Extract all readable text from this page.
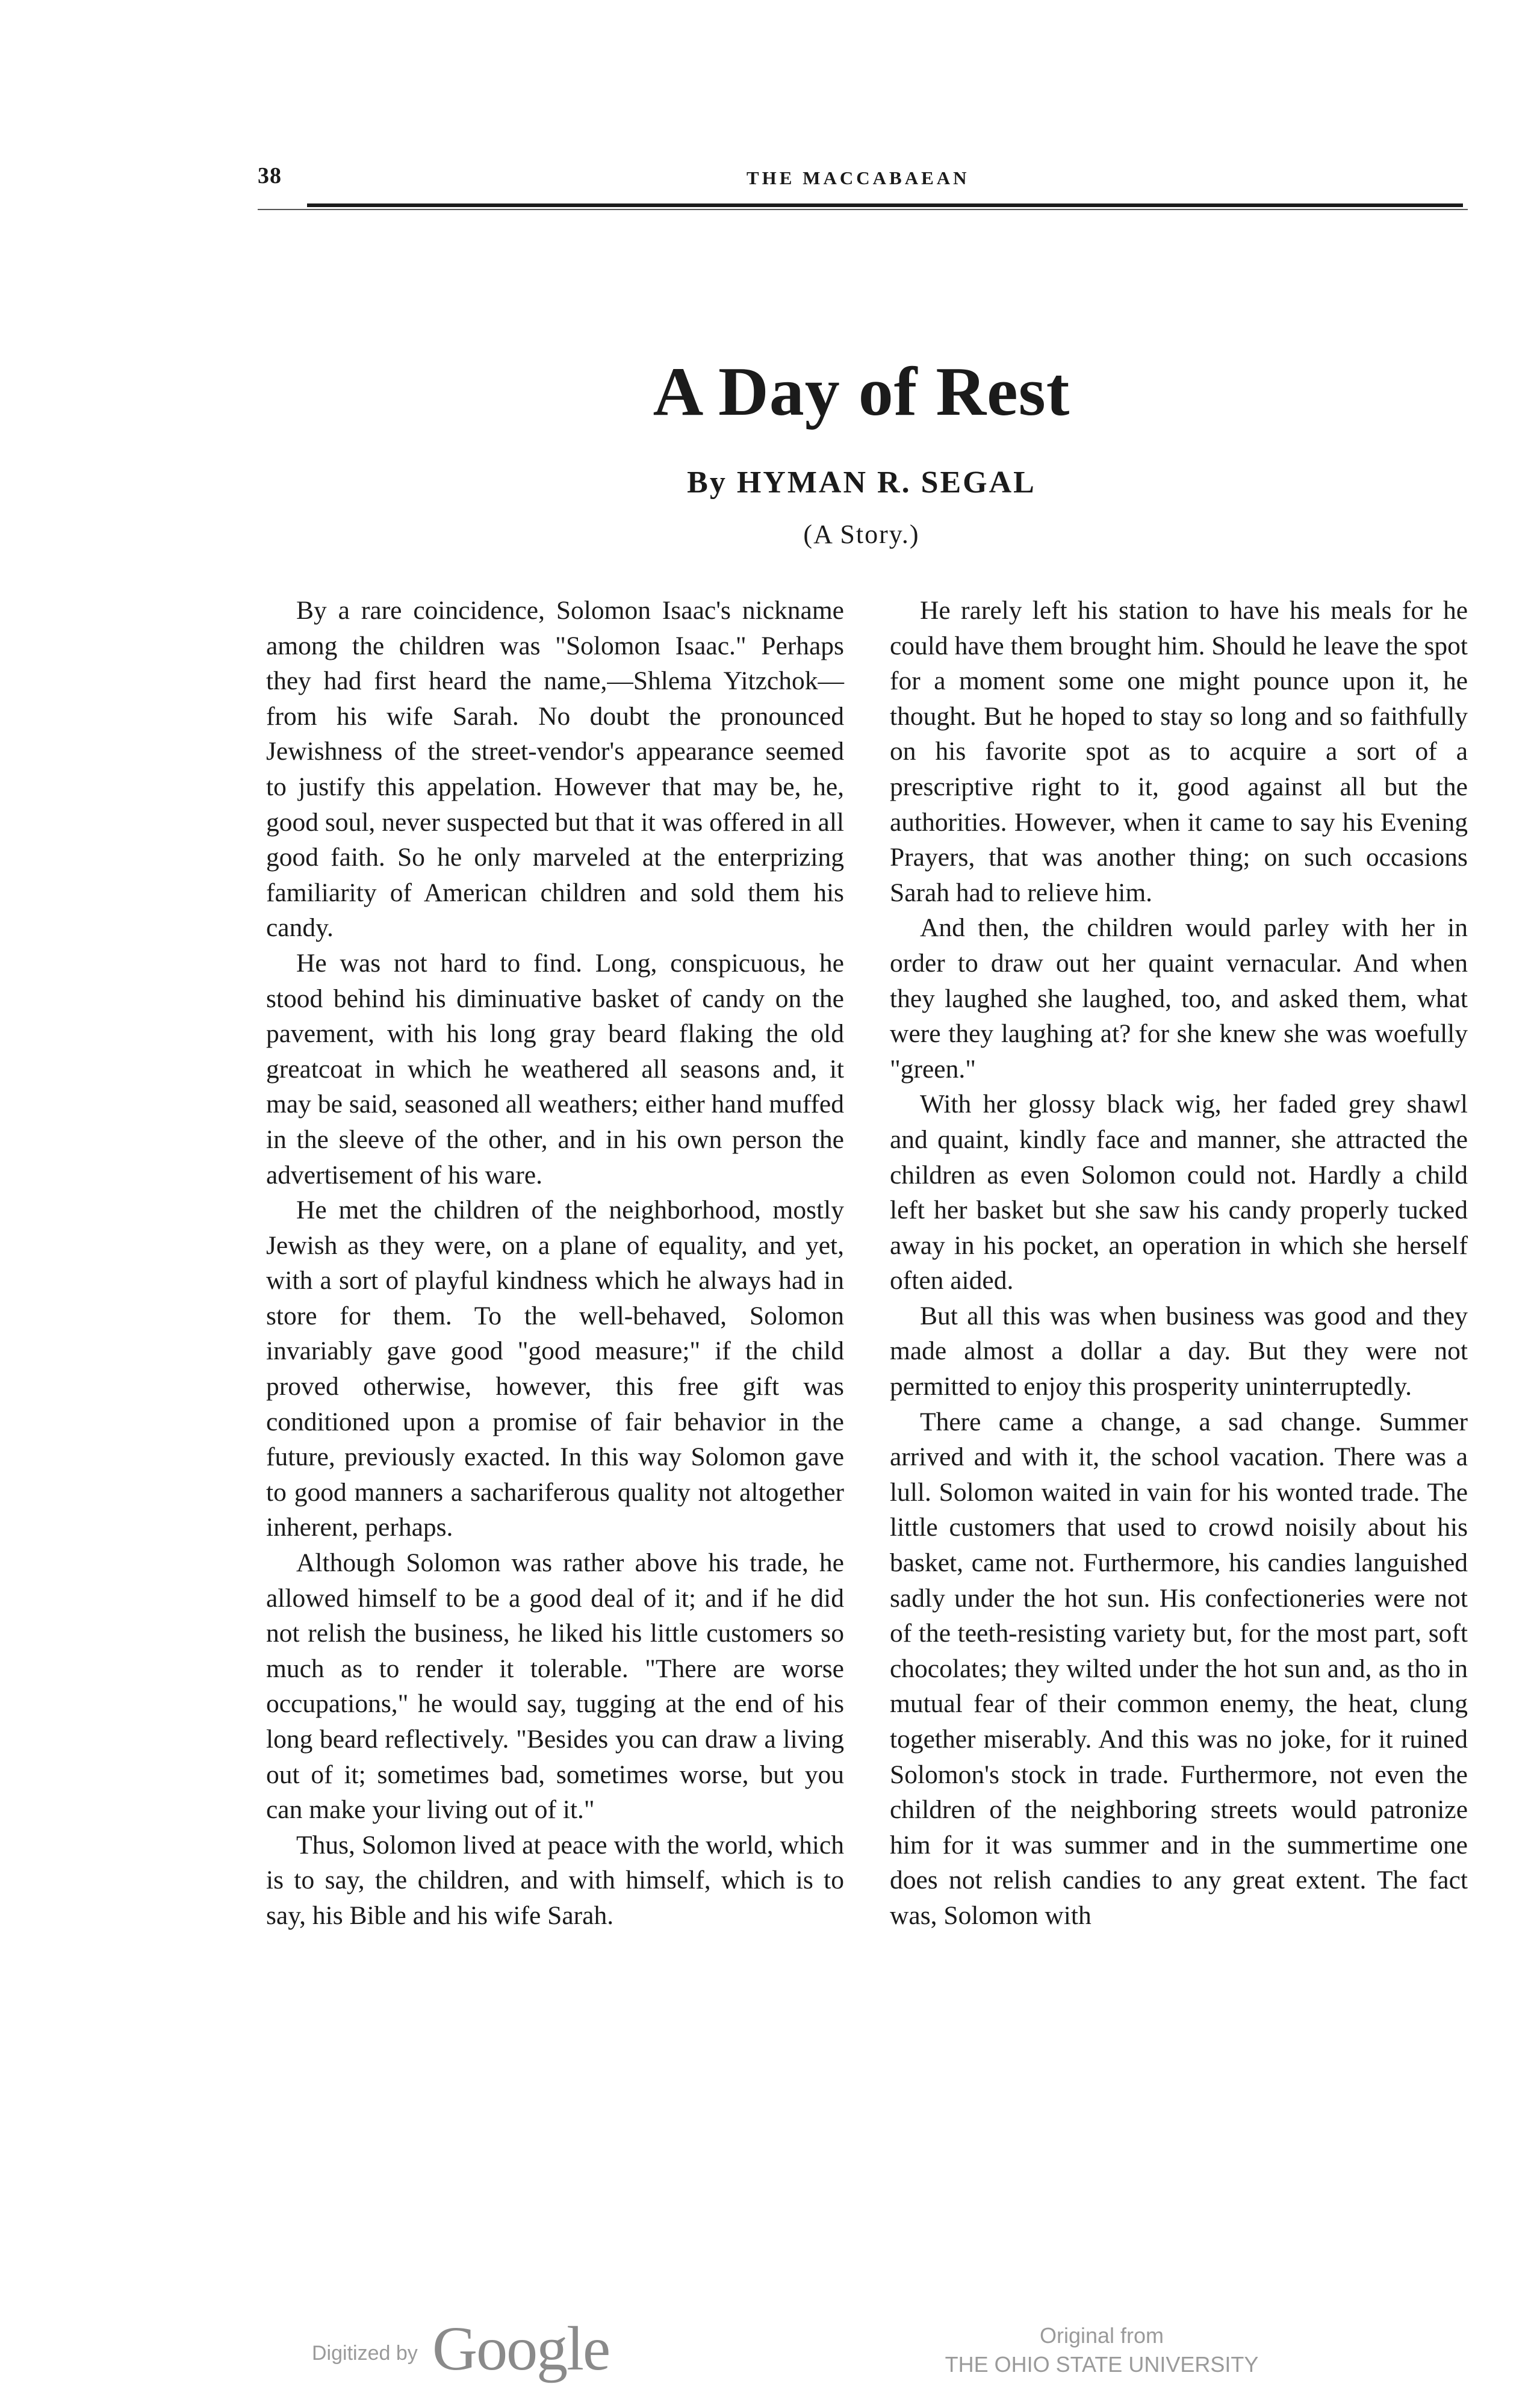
38	THE MACCABAEAN
A Day of Rest
By HYMAN R. SEGAL
(A Story.)

By a rare coincidence, Solomon Isaac's nickname among the children was "Solomon Isaac." Perhaps they had first heard the name,—Shlema Yitzchok—from his wife Sarah. No doubt the pronounced Jewishness of the street-vendor's appearance seemed to justify this appelation. However that may be, he, good soul, never suspected but that it was offered in all good faith. So he only marveled at the enterprizing familiarity of American children and sold them his candy.

He was not hard to find. Long, conspicuous, he stood behind his diminuative basket of candy on the pavement, with his long gray beard flaking the old greatcoat in which he weathered all seasons and, it may be said, seasoned all weathers; either hand muffed in the sleeve of the other, and in his own person the advertisement of his ware.

He met the children of the neighborhood, mostly Jewish as they were, on a plane of equality, and yet, with a sort of playful kindness which he always had in store for them. To the well-behaved, Solomon invariably gave good "good measure;" if the child proved otherwise, however, this free gift was conditioned upon a promise of fair behavior in the future, previously exacted. In this way Solomon gave to good manners a sachariferous quality not altogether inherent, perhaps.

Although Solomon was rather above his trade, he allowed himself to be a good deal of it; and if he did not relish the business, he liked his little customers so much as to render it tolerable. "There are worse occupations," he would say, tugging at the end of his long beard reflectively. "Besides you can draw a living out of it; sometimes bad, sometimes worse, but you can make your living out of it."

Thus, Solomon lived at peace with the world, which is to say, the children, and with himself, which is to say, his Bible and his wife Sarah.

He rarely left his station to have his meals for he could have them brought him. Should he leave the spot for a moment some one might pounce upon it, he thought. But he hoped to stay so long and so faithfully on his favorite spot as to acquire a sort of a prescriptive right to it, good against all but the authorities. However, when it came to say his Evening Prayers, that was another thing; on such occasions Sarah had to relieve him.

And then, the children would parley with her in order to draw out her quaint vernacular. And when they laughed she laughed, too, and asked them, what were they laughing at? for she knew she was woefully "green."

With her glossy black wig, her faded grey shawl and quaint, kindly face and manner, she attracted the children as even Solomon could not. Hardly a child left her basket but she saw his candy properly tucked away in his pocket, an operation in which she herself often aided.

But all this was when business was good and they made almost a dollar a day. But they were not permitted to enjoy this prosperity uninterruptedly.

There came a change, a sad change. Summer arrived and with it, the school vacation. There was a lull. Solomon waited in vain for his wonted trade. The little customers that used to crowd noisily about his basket, came not. Furthermore, his candies languished sadly under the hot sun. His confectioneries were not of the teeth-resisting variety but, for the most part, soft chocolates; they wilted under the hot sun and, as tho in mutual fear of their common enemy, the heat, clung together miserably. And this was no joke, for it ruined Solomon's stock in trade. Furthermore, not even the children of the neighboring streets would patronize him for it was summer and in the summertime one does not relish candies to any great extent. The fact was, Solomon with

Digitized by Google	Original from
THE OHIO STATE UNIVERSITY
